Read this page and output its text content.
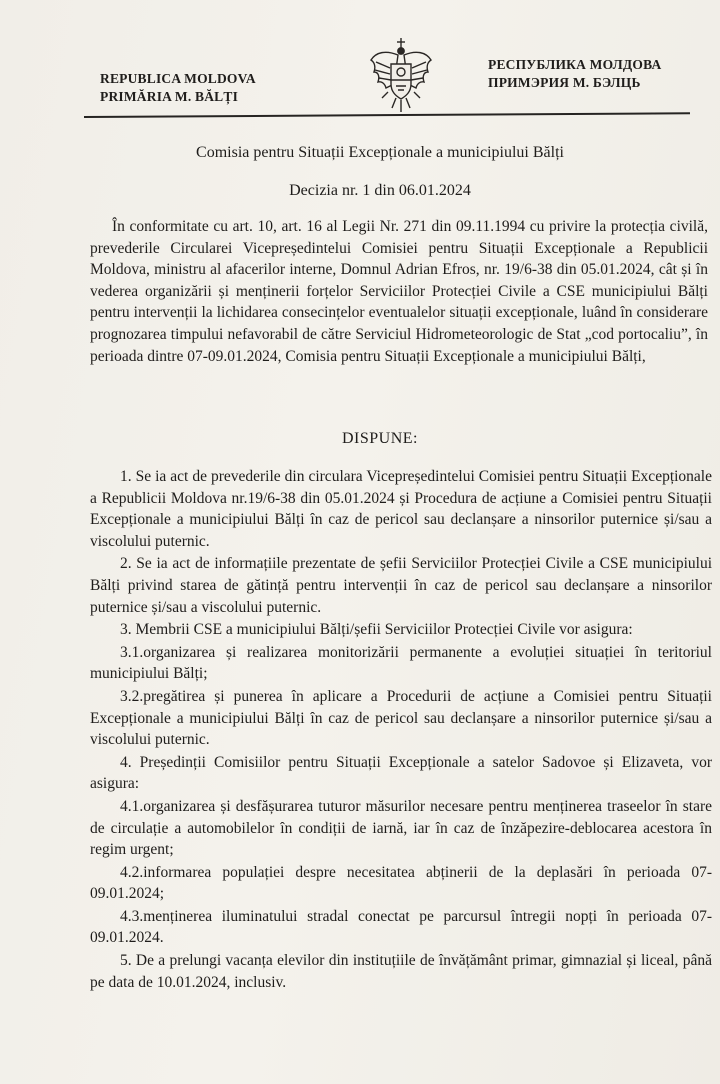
REPUBLICA MOLDOVA
PRIMĂRIA M. BĂLȚI
РЕСПУБЛИКА МОЛДОВА
ПРИМЭРИЯ М. БЭЛЦЬ
Comisia pentru Situații Excepționale a municipiului Bălți
Decizia nr. 1 din 06.01.2024
În conformitate cu art. 10, art. 16 al Legii Nr. 271 din 09.11.1994 cu privire la protecția civilă, prevederile Circularei Vicepreședintelui Comisiei pentru Situații Excepționale a Republicii Moldova, ministru al afacerilor interne, Domnul Adrian Efros, nr. 19/6-38 din 05.01.2024, cât și în vederea organizării și menținerii forțelor Serviciilor Protecției Civile a CSE municipiului Bălți pentru intervenții la lichidarea consecințelor eventualelor situații excepționale, luând în considerare prognozarea timpului nefavorabil de către Serviciul Hidrometeorologic de Stat „cod portocaliu”, în perioada dintre 07-09.01.2024, Comisia pentru Situații Excepționale a municipiului Bălți,
DISPUNE:

1. Se ia act de prevederile din circulara Vicepreședintelui Comisiei pentru Situații Excepționale a Republicii Moldova nr.19/6-38 din 05.01.2024 și Procedura de acțiune a Comisiei pentru Situații Excepționale a municipiului Bălți în caz de pericol sau declanșare a ninsorilor puternice și/sau a viscolului puternic.

2. Se ia act de informațiile prezentate de șefii Serviciilor Protecției Civile a CSE municipiului Bălți privind starea de gătință pentru intervenții în caz de pericol sau declanșare a ninsorilor puternice și/sau a viscolului puternic.

3. Membrii CSE a municipiului Bălți/șefii Serviciilor Protecției Civile vor asigura:

3.1.organizarea și realizarea monitorizării permanente a evoluției situației în teritoriul municipiului Bălți;

3.2.pregătirea și punerea în aplicare a Procedurii de acțiune a Comisiei pentru Situații Excepționale a municipiului Bălți în caz de pericol sau declanșare a ninsorilor puternice și/sau a viscolului puternic.

4. Președinții Comisiilor pentru Situații Excepționale a satelor Sadovoe și Elizaveta, vor asigura:

4.1.organizarea și desfășurarea tuturor măsurilor necesare pentru menținerea traseelor în stare de circulație a automobilelor în condiții de iarnă, iar în caz de înzăpezire-deblocarea acestora în regim urgent;

4.2.informarea populației despre necesitatea abținerii de la deplasări în perioada 07-09.01.2024;

4.3.menținerea iluminatului stradal conectat pe parcursul întregii nopți în perioada 07-09.01.2024.

5. De a prelungi vacanța elevilor din instituțiile de învățământ primar, gimnazial și liceal, până pe data de 10.01.2024, inclusiv.
